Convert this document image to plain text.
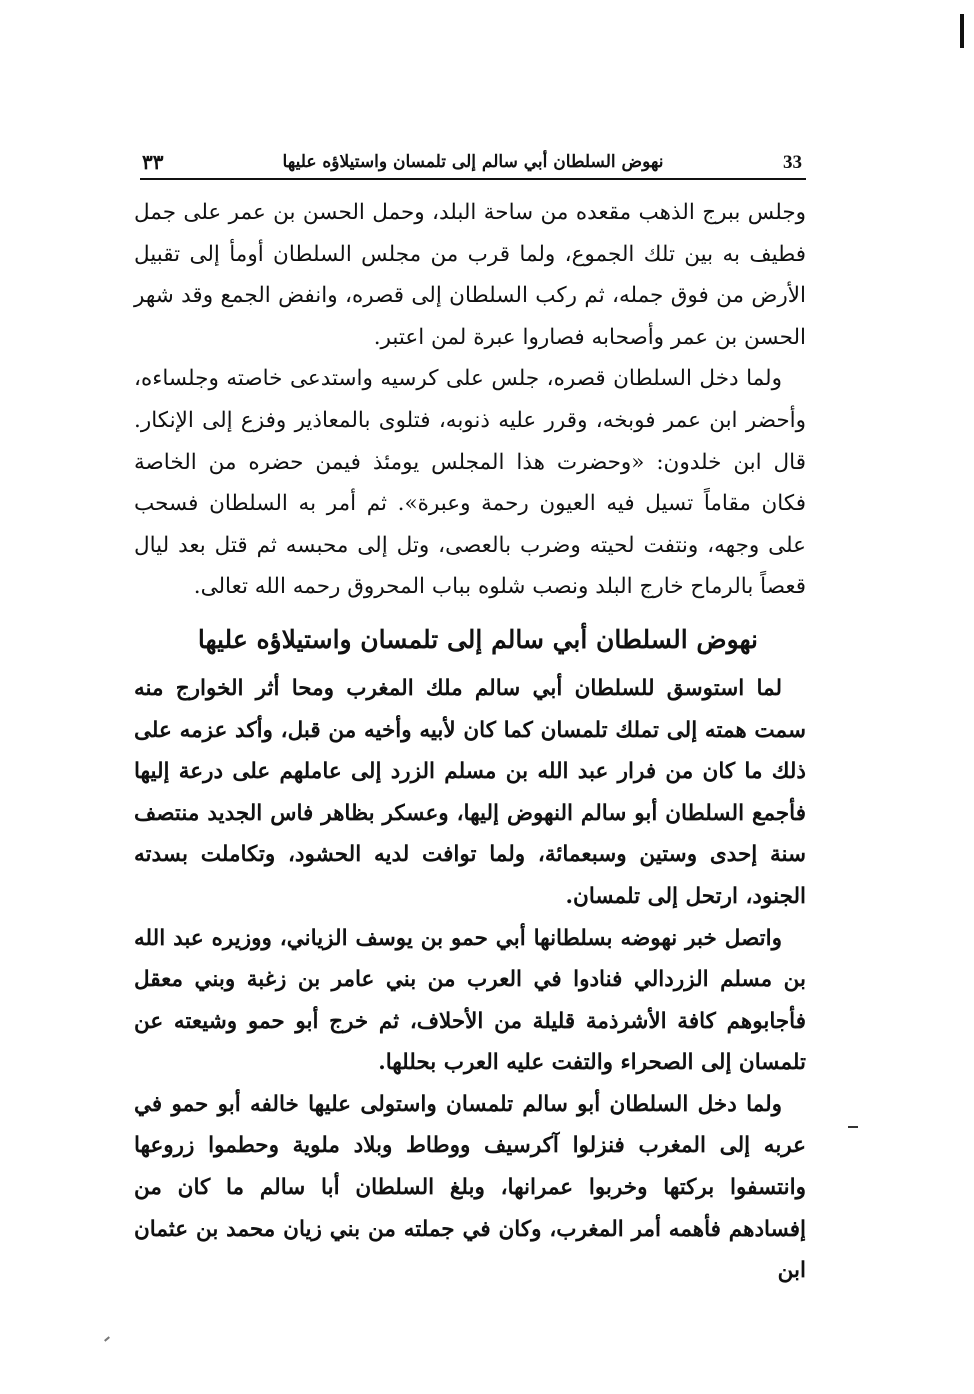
٣٣	نهوض السلطان أبي سالم إلى تلمسان واستيلاؤه عليها	33

وجلس ببرج الذهب مقعده من ساحة البلد، وحمل الحسن بن عمر على جمل فطيف به بين تلك الجموع، ولما قرب من مجلس السلطان أومأ إلى تقبيل الأرض من فوق جمله، ثم ركب السلطان إلى قصره، وانفض الجمع وقد شهر الحسن بن عمر وأصحابه فصاروا عبرة لمن اعتبر.

ولما دخل السلطان قصره، جلس على كرسيه واستدعى خاصته وجلساءه، وأحضر ابن عمر فوبخه، وقرر عليه ذنوبه، فتلوى بالمعاذير وفزع إلى الإنكار. قال ابن خلدون: «وحضرت هذا المجلس يومئذ فيمن حضره من الخاصة فكان مقاماً تسيل فيه العيون رحمة وعبرة». ثم أمر به السلطان فسحب على وجهه، ونتفت لحيته وضرب بالعصى، وتل إلى محبسه ثم قتل بعد ليال قعصاً بالرماح خارج البلد ونصب شلوه بباب المحروق رحمه الله تعالى.

نهوض السلطان أبي سالم إلى تلمسان واستيلاؤه عليها

لما استوسق للسلطان أبي سالم ملك المغرب ومحا أثر الخوارج منه سمت همته إلى تملك تلمسان كما كان لأبيه وأخيه من قبل، وأكد عزمه على ذلك ما كان من فرار عبد الله بن مسلم الزرد إلى عاملهم على درعة إليها فأجمع السلطان أبو سالم النهوض إليها، وعسكر بظاهر فاس الجديد منتصف سنة إحدى وستين وسبعمائة، ولما توافت لديه الحشود، وتكاملت بسدته الجنود، ارتحل إلى تلمسان.

واتصل خبر نهوضه بسلطانها أبي حمو بن يوسف الزياني، ووزيره عبد الله بن مسلم الزردالي فنادوا في العرب من بني عامر بن زغبة وبني معقل فأجابوهم كافة الأشرذمة قليلة من الأحلاف، ثم خرج أبو حمو وشيعته عن تلمسان إلى الصحراء والتفت عليه العرب بحللها.

ولما دخل السلطان أبو سالم تلمسان واستولى عليها خالفه أبو حمو في عربه إلى المغرب فنزلوا آكرسيف ووطاط وبلاد ملوية وحطموا زروعها وانتسفوا بركتها وخربوا عمرانها، وبلغ السلطان أبا سالم ما كان من إفسادهم فأهمه أمر المغرب، وكان في جملته من بني زيان محمد بن عثمان ابن
